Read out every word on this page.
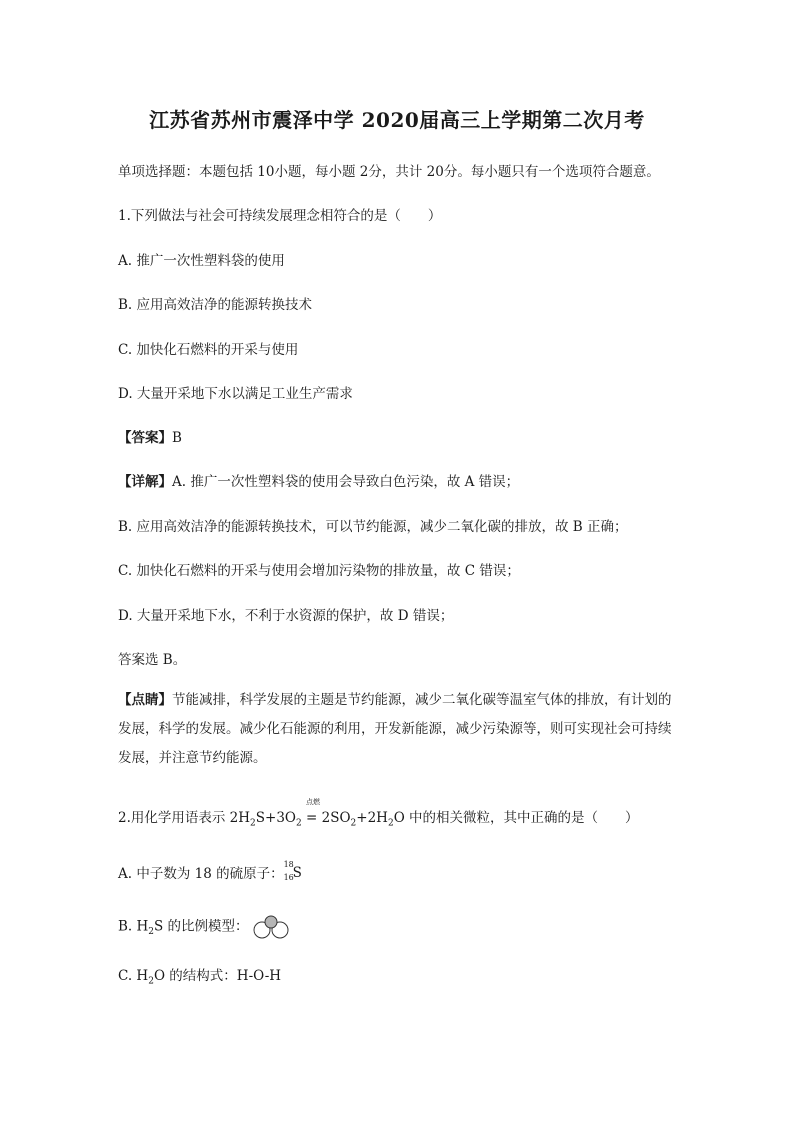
江苏省苏州市震泽中学 2020届高三上学期第二次月考
单项选择题：本题包括 10小题，每小题 2分，共计 20分。每小题只有一个选项符合题意。
1.下列做法与社会可持续发展理念相符合的是（　　）
A. 推广一次性塑料袋的使用
B. 应用高效洁净的能源转换技术
C. 加快化石燃料的开采与使用
D. 大量开采地下水以满足工业生产需求
【答案】B
【详解】A. 推广一次性塑料袋的使用会导致白色污染，故 A 错误；
B. 应用高效洁净的能源转换技术，可以节约能源，减少二氧化碳的排放，故 B 正确；
C. 加快化石燃料的开采与使用会增加污染物的排放量，故 C 错误；
D. 大量开采地下水，不利于水资源的保护，故 D 错误；
答案选 B。
【点睛】节能减排，科学发展的主题是节约能源，减少二氧化碳等温室气体的排放，有计划的发展，科学的发展。减少化石能源的利用，开发新能源，减少污染源等，则可实现社会可持续发展，并注意节约能源。
2.用化学用语表示 $2H_2S+3O_2$
点燃
= $2SO_2+2H_2O$ 中的相关微粒，其中正确的是（　　）
A. 中子数为 18 的硫原子：
18
16
S
B. $H_2S$ 的比例模型：
C. $H_2O$ 的结构式：H-O-H
